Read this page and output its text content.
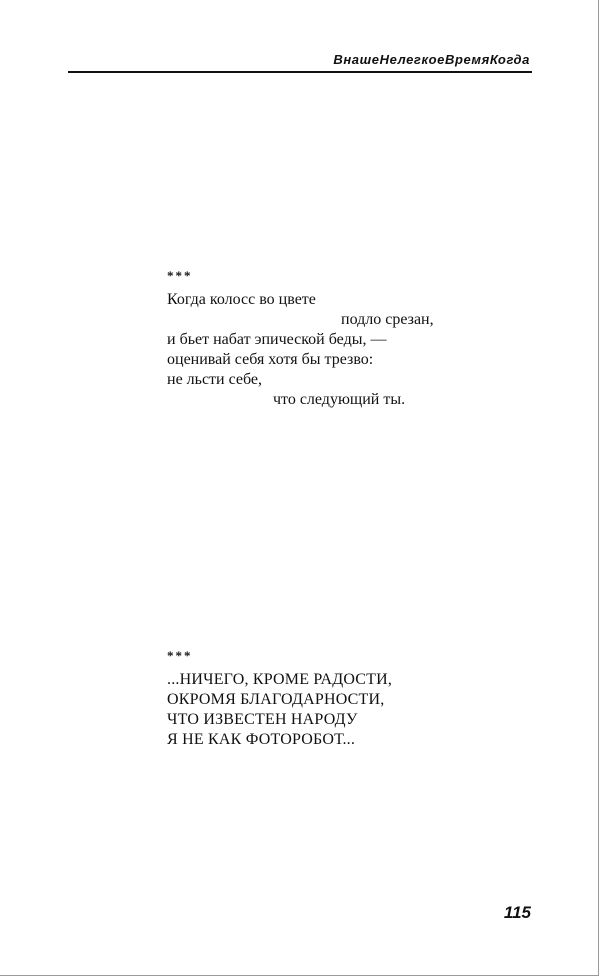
ВнашеНелегкоеВремяКогда
***
Когда колосс во цвете
подло срезан,
и бьет набат эпической беды, —
оценивай себя хотя бы трезво:
не льсти себе,
что следующий ты.
***
...НИЧЕГО, КРОМЕ РАДОСТИ,
ОКРОМЯ БЛАГОДАРНОСТИ,
ЧТО ИЗВЕСТЕН НАРОДУ
Я НЕ КАК ФОТОРОБОТ...
115
